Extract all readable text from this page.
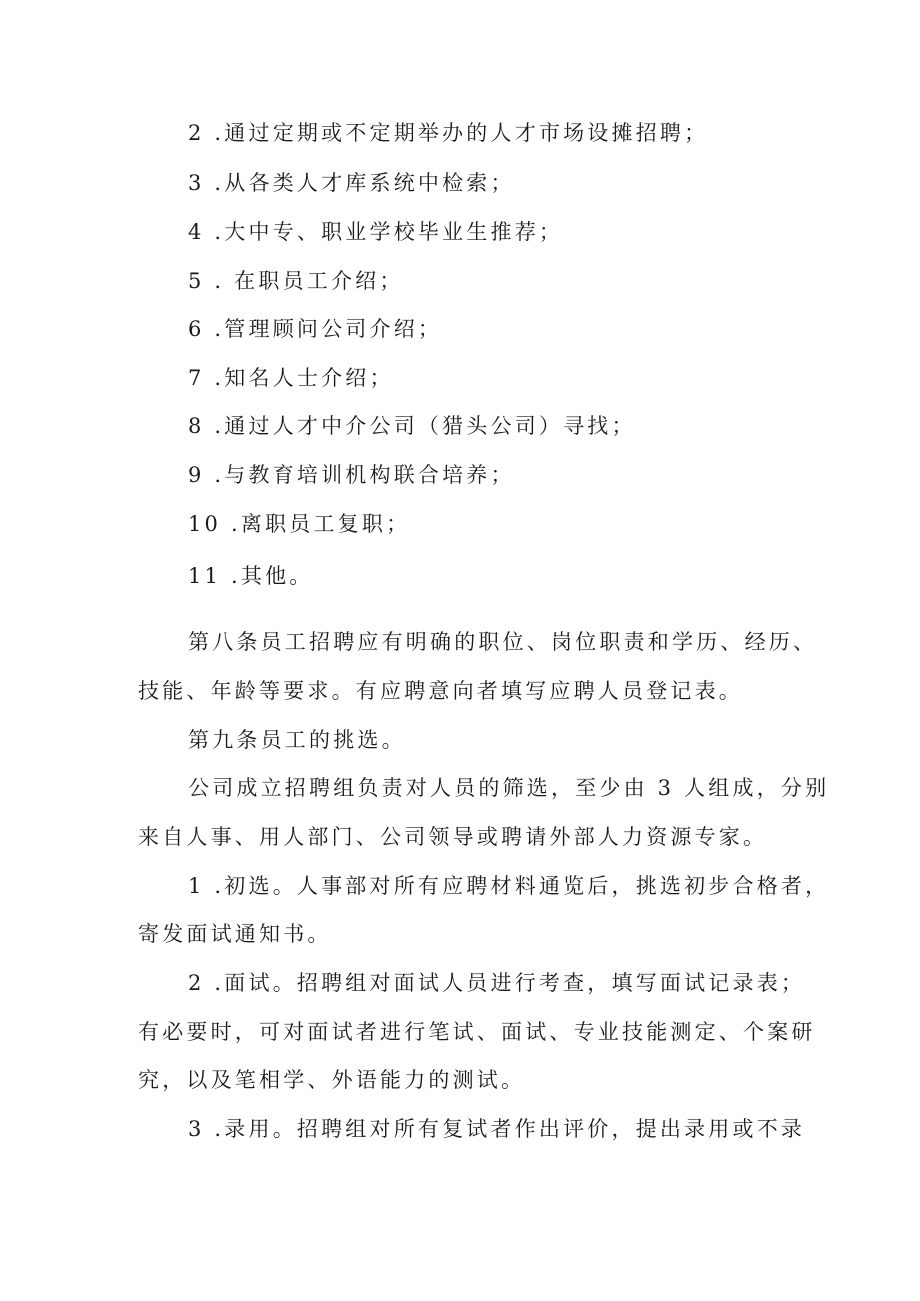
2 .通过定期或不定期举办的人才市场设摊招聘；

3 .从各类人才库系统中检索；

4 .大中专、职业学校毕业生推荐；

5 . 在职员工介绍；

6 .管理顾问公司介绍；

7 .知名人士介绍；

8 .通过人才中介公司（猎头公司）寻找；

9 .与教育培训机构联合培养；

10 .离职员工复职；

11 .其他。

第八条员工招聘应有明确的职位、岗位职责和学历、经历、

技能、年龄等要求。有应聘意向者填写应聘人员登记表。

第九条员工的挑选。

公司成立招聘组负责对人员的筛选，至少由 3 人组成，分别

来自人事、用人部门、公司领导或聘请外部人力资源专家。

1 .初选。人事部对所有应聘材料通览后，挑选初步合格者，

寄发面试通知书。

2 .面试。招聘组对面试人员进行考查，填写面试记录表；

有必要时，可对面试者进行笔试、面试、专业技能测定、个案研

究，以及笔相学、外语能力的测试。

3 .录用。招聘组对所有复试者作出评价，提出录用或不录
